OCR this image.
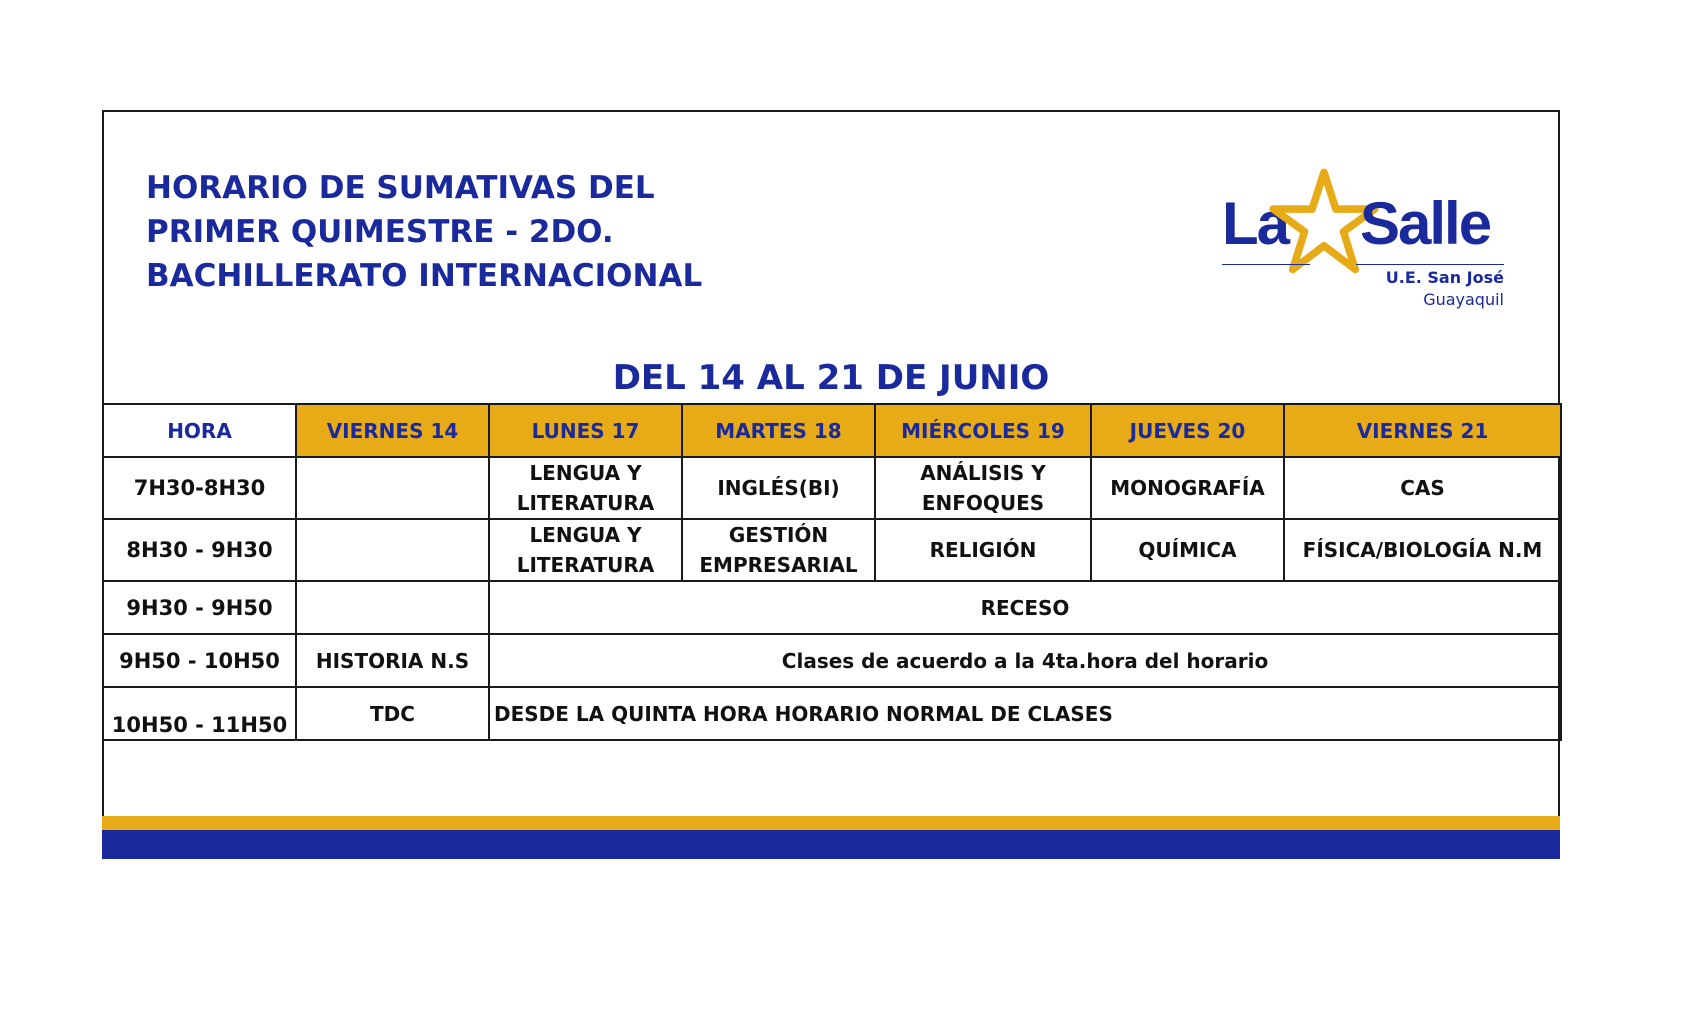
HORARIO DE SUMATIVAS DEL PRIMER QUIMESTRE - 2DO. BACHILLERATO INTERNACIONAL
La Salle
U.E. San José
Guayaquil
DEL 14 AL 21 DE JUNIO
HORA	VIERNES 14	LUNES 17	MARTES 18	MIÉRCOLES 19	JUEVES 20	VIERNES 21
7H30-8H30		LENGUA Y LITERATURA	INGLÉS(BI)	ANÁLISIS Y ENFOQUES	MONOGRAFÍA	CAS
8H30 - 9H30		LENGUA Y LITERATURA	GESTIÓN EMPRESARIAL	RELIGIÓN	QUÍMICA	FÍSICA/BIOLOGÍA N.M
9H30 - 9H50		RECESO				
9H50 - 10H50	HISTORIA N.S	Clases de acuerdo a la 4ta.hora del horario				
10H50 - 11H50	TDC	DESDE LA QUINTA HORA HORARIO NORMAL DE CLASES				
